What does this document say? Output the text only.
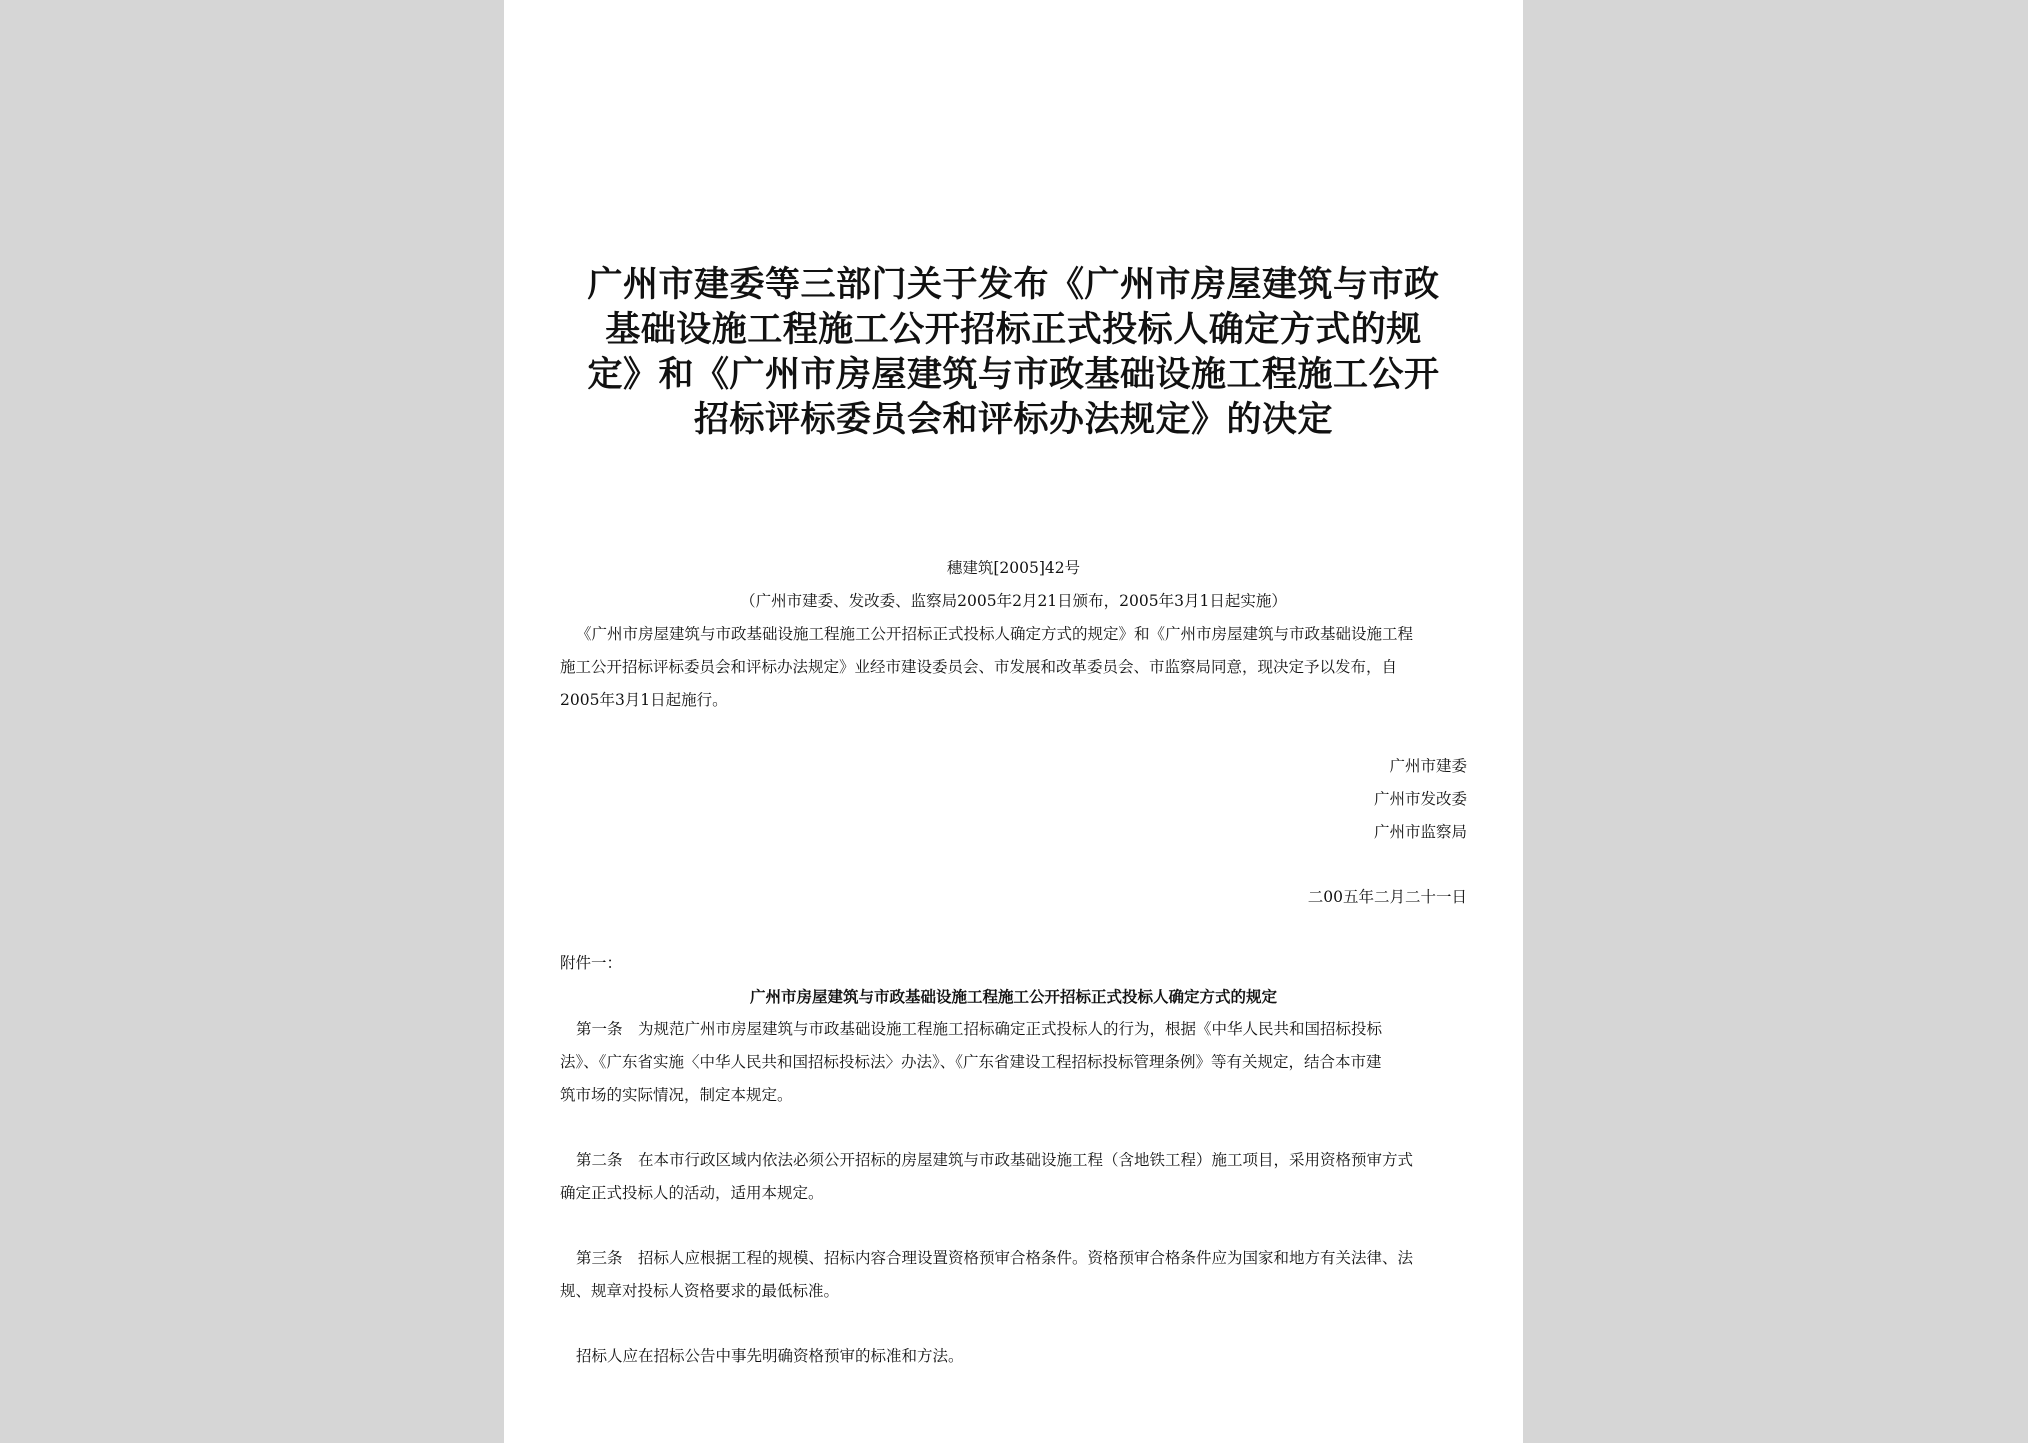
广州市建委等三部门关于发布《广州市房屋建筑与市政
基础设施工程施工公开招标正式投标人确定方式的规
定》和《广州市房屋建筑与市政基础设施工程施工公开
招标评标委员会和评标办法规定》的决定
穗建筑[2005]42号
（广州市建委、发改委、监察局2005年2月21日颁布，2005年3月1日起实施）
《广州市房屋建筑与市政基础设施工程施工公开招标正式投标人确定方式的规定》和《广州市房屋建筑与市政基础设施工程
施工公开招标评标委员会和评标办法规定》业经市建设委员会、市发展和改革委员会、市监察局同意，现决定予以发布，自
2005年3月1日起施行。
广州市建委
广州市发改委
广州市监察局
二00五年二月二十一日
附件一：
广州市房屋建筑与市政基础设施工程施工公开招标正式投标人确定方式的规定
第一条　为规范广州市房屋建筑与市政基础设施工程施工招标确定正式投标人的行为，根据《中华人民共和国招标投标
法》、《广东省实施〈中华人民共和国招标投标法〉办法》、《广东省建设工程招标投标管理条例》等有关规定，结合本市建
筑市场的实际情况，制定本规定。
第二条　在本市行政区域内依法必须公开招标的房屋建筑与市政基础设施工程（含地铁工程）施工项目，采用资格预审方式
确定正式投标人的活动，适用本规定。
第三条　招标人应根据工程的规模、招标内容合理设置资格预审合格条件。资格预审合格条件应为国家和地方有关法律、法
规、规章对投标人资格要求的最低标准。
招标人应在招标公告中事先明确资格预审的标准和方法。
